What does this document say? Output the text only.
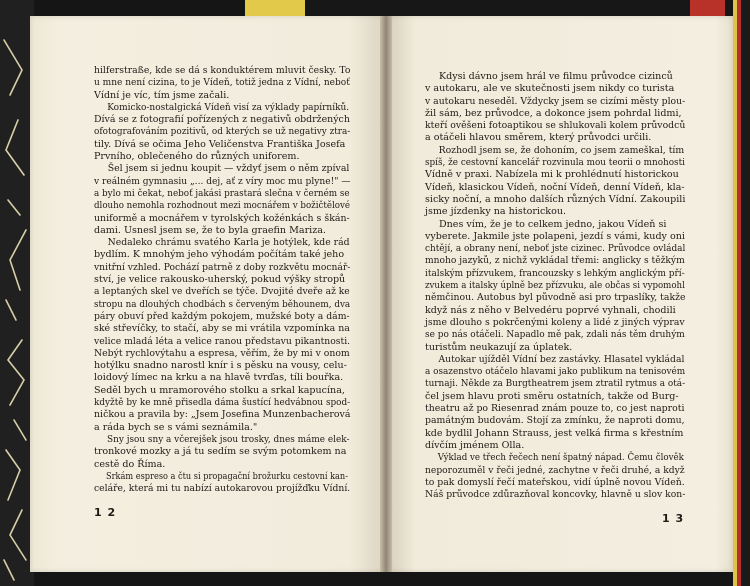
hilferstraße, kde se dá s konduktérem mluvit česky. To
u mne není cizina, to je Vídeň, totiž jedna z Vídní, neboť
Vídní je víc, tím jsme začali.
Komicko-nostalgická Vídeň visí za výklady papírníků.
Dívá se z fotografií pořízených z negativů obdržených
ofotografováním pozitivů, od kterých se už negativy ztra-
tily. Dívá se očima Jeho Veličenstva Františka Josefa
Prvního, oblečeného do různých uniforem.
Šel jsem si jednu koupit — vždyť jsem o něm zpíval
v reálném gymnasiu „... dej, ať z víry moc mu plyne!" —
a bylo mi čekat, neboť jakási prastará slečna v černém se
dlouho nemohla rozhodnout mezi mocnářem v božičtělové
uniformě a mocnářem v tyrolských kožénkách s škán-
dami. Usnesl jsem se, že to byla graefin Mariza.
Nedaleko chrámu svatého Karla je hotýlek, kde rád
bydlím. K mnohým jeho výhodám počítám také jeho
vnitřní vzhled. Pochází patrně z doby rozkvětu mocnář-
ství, je velice rakousko-uherský, pokud výšky stropů
a leptaných skel ve dveřích se týče. Dvojité dveře až ke
stropu na dlouhých chodbách s červeným běhounem, dva
páry obuví před každým pokojem, mužské boty a dám-
ské střevíčky, to stačí, aby se mi vrátila vzpomínka na
velice mladá léta a velice ranou představu pikantnosti.
Nebýt rychlovýtahu a espresa, věřím, že by mi v onom
hotýlku snadno narostl knír i s pěsku na vousy, celu-
loidový límec na krku a na hlavě tvrďas, tíli bouřka.
Seděl bych u mramorového stolku a srkal kapucína,
kdyžtě by ke mně přisedla dáma šustící hedvábnou spod-
ničkou a pravila by: „Jsem Josefina Munzenbacherová
a ráda bych se s vámi seznámila."
Sny jsou sny a včerejšek jsou trosky, dnes máme elek-
tronkové mozky a já tu sedím se svým potomkem na
cestě do Říma.
Srkám espreso a čtu si propagační brožurku cestovní kan-
celáře, která mi tu nabízí autokarovou projížďku Vídní.
1 2
Kdysi dávno jsem hrál ve filmu průvodce cizinců
v autokaru, ale ve skutečnosti jsem nikdy co turista
v autokaru neseděl. Vždycky jsem se cizími městy plou-
žil sám, bez průvodce, a dokonce jsem pohrdal lidmi,
kteří ověšeni fotoaptikou se shlukovali kolem průvodců
a otáčeli hlavou směrem, který průvodci určili.
Rozhodl jsem se, že dohoním, co jsem zameškal, tím
spíš, že cestovní kancelář rozvinula mou teorii o mnohosti
Vídně v praxi. Nabízela mi k prohlédnutí historickou
Vídeň, klasickou Vídeň, noční Vídeň, denní Vídeň, kla-
sicky noční, a mnoho dalších různých Vídní. Zakoupili
jsme jízdenky na historickou.
Dnes vím, že je to celkem jedno, jakou Vídeň si
vyberete. Jakmile jste polapeni, jezdí s vámi, kudy oni
chtějí, a obrany není, neboť jste cizinec. Průvodce ovládal
mnoho jazyků, z nichž vykládal třemi: anglicky s těžkým
italským přízvukem, francouzsky s lehkým anglickým pří-
zvukem a italsky úplně bez přízvuku, ale občas si vypomohl
němčinou. Autobus byl původně asi pro trpaslíky, takže
když nás z něho v Belvedéru poprvé vyhnali, chodili
jsme dlouho s pokrčenými koleny a lidé z jiných výprav
se po nás otáčeli. Napadlo mě pak, zdali nás těm druhým
turistům neukazují za úplatek.
Autokar ujížděl Vídní bez zastávky. Hlasatel vykládal
a osazenstvo otáčelo hlavami jako publikum na tenisovém
turnaji. Někde za Burgtheatrem jsem ztratil rytmus a otá-
čel jsem hlavu proti směru ostatních, takže od Burg-
theatru až po Riesenrad znám pouze to, co jest naproti
památným budovám. Stojí za zmínku, že naproti domu,
kde bydlil Johann Strauss, jest velká firma s křestním
dívčím jménem Olla.
Výklad ve třech řečech není špatný nápad. Čemu člověk
neporozuměl v řeči jedné, zachytne v řeči druhé, a když
to pak domyslí řečí mateřskou, vidí úplně novou Vídeň.
Náš průvodce zdůrazňoval koncovky, hlavně u slov kon-
1 3
